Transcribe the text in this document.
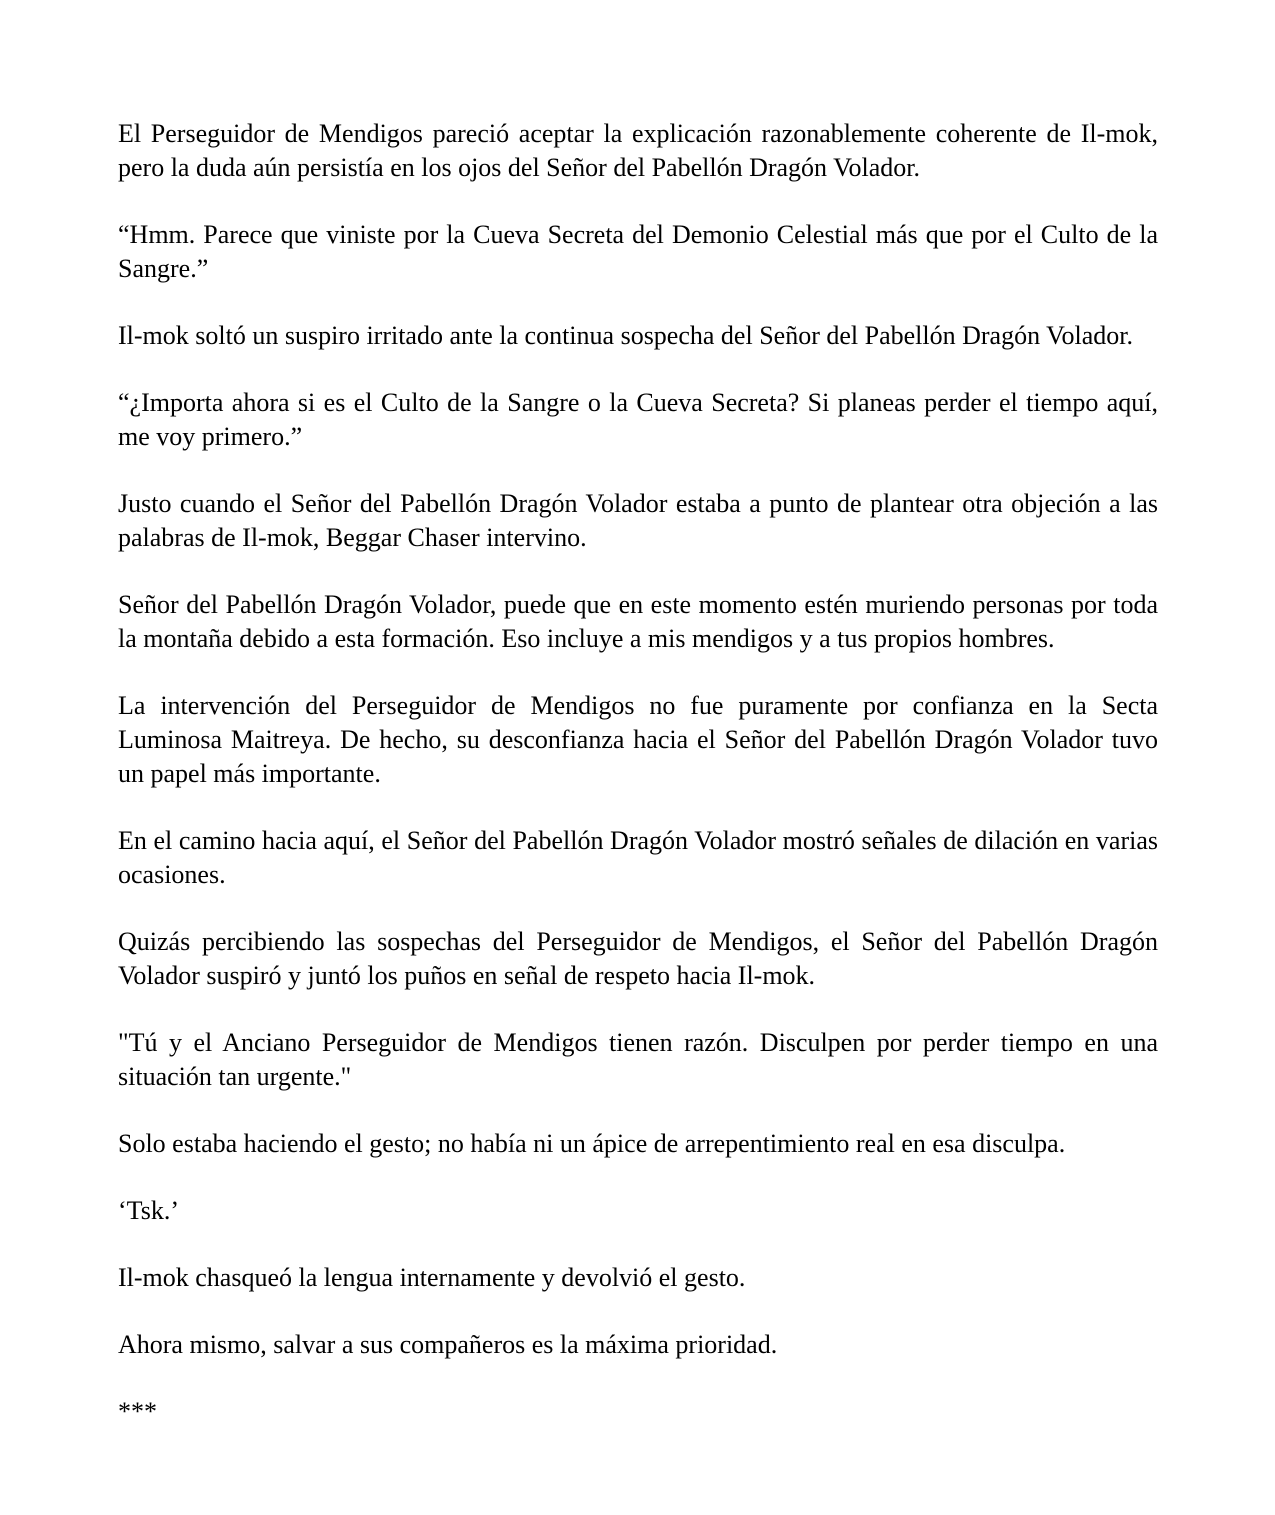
El Perseguidor de Mendigos pareció aceptar la explicación razonablemente coherente de Il-mok, pero la duda aún persistía en los ojos del Señor del Pabellón Dragón Volador.

“Hmm. Parece que viniste por la Cueva Secreta del Demonio Celestial más que por el Culto de la Sangre.”

Il-mok soltó un suspiro irritado ante la continua sospecha del Señor del Pabellón Dragón Volador.

“¿Importa ahora si es el Culto de la Sangre o la Cueva Secreta? Si planeas perder el tiempo aquí, me voy primero.”

Justo cuando el Señor del Pabellón Dragón Volador estaba a punto de plantear otra objeción a las palabras de Il-mok, Beggar Chaser intervino.

Señor del Pabellón Dragón Volador, puede que en este momento estén muriendo personas por toda la montaña debido a esta formación. Eso incluye a mis mendigos y a tus propios hombres.

La intervención del Perseguidor de Mendigos no fue puramente por confianza en la Secta Luminosa Maitreya. De hecho, su desconfianza hacia el Señor del Pabellón Dragón Volador tuvo un papel más importante.

En el camino hacia aquí, el Señor del Pabellón Dragón Volador mostró señales de dilación en varias ocasiones.

Quizás percibiendo las sospechas del Perseguidor de Mendigos, el Señor del Pabellón Dragón Volador suspiró y juntó los puños en señal de respeto hacia Il-mok.

"Tú y el Anciano Perseguidor de Mendigos tienen razón. Disculpen por perder tiempo en una situación tan urgente."

Solo estaba haciendo el gesto; no había ni un ápice de arrepentimiento real en esa disculpa.

‘Tsk.’

Il-mok chasqueó la lengua internamente y devolvió el gesto.

Ahora mismo, salvar a sus compañeros es la máxima prioridad.

***
